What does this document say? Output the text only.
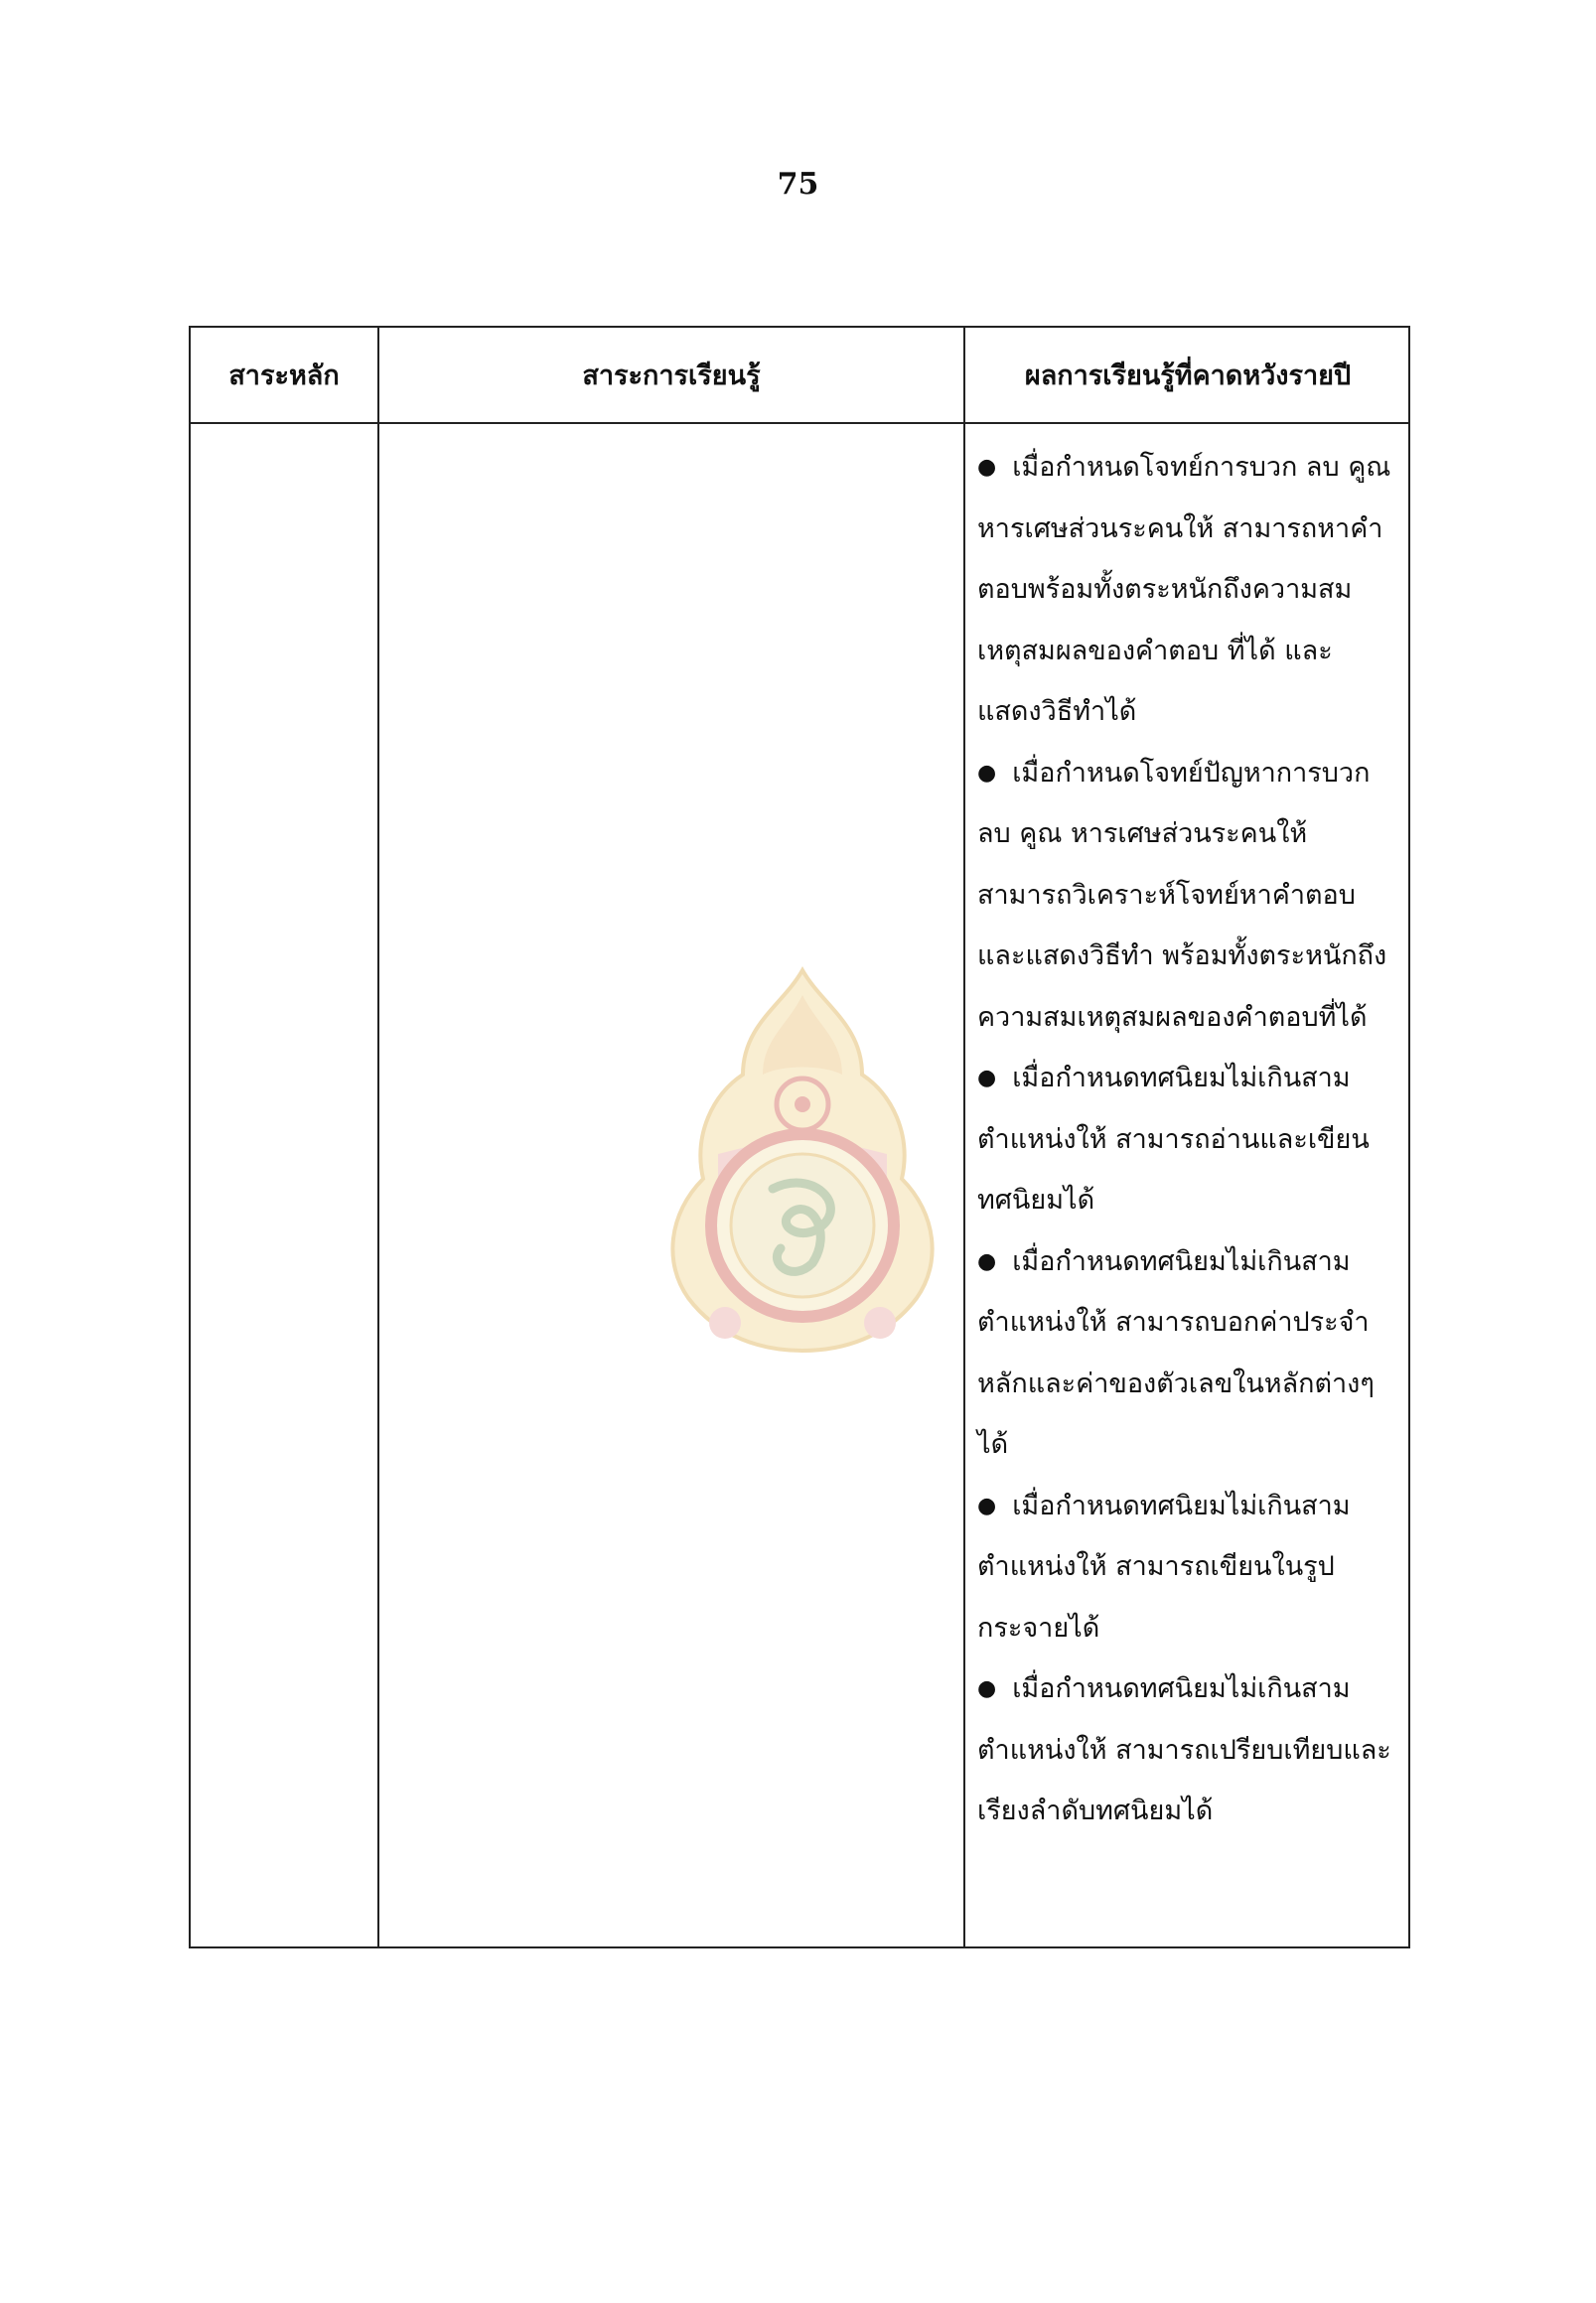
75
สาระหลัก	สาระการเรียนรู้	ผลการเรียนรู้ที่คาดหวังรายปี

● เมื่อกำหนดโจทย์การบวก ลบ คูณ หารเศษส่วนระคนให้ สามารถหาคำตอบพร้อมทั้งตระหนักถึงความสมเหตุสมผลของคำตอบ ที่ได้ และแสดงวิธีทำได้

● เมื่อกำหนดโจทย์ปัญหาการบวก ลบ คูณ หารเศษส่วนระคนให้ สามารถวิเคราะห์โจทย์หาคำตอบและแสดงวิธีทำ พร้อมทั้งตระหนักถึงความสมเหตุสมผลของคำตอบที่ได้

● เมื่อกำหนดทศนิยมไม่เกินสามตำแหน่งให้ สามารถอ่านและเขียนทศนิยมได้

● เมื่อกำหนดทศนิยมไม่เกินสามตำแหน่งให้ สามารถบอกค่าประจำหลักและค่าของตัวเลขในหลักต่างๆ ได้

● เมื่อกำหนดทศนิยมไม่เกินสามตำแหน่งให้ สามารถเขียนในรูปกระจายได้

● เมื่อกำหนดทศนิยมไม่เกินสามตำแหน่งให้ สามารถเปรียบเทียบและเรียงลำดับทศนิยมได้
